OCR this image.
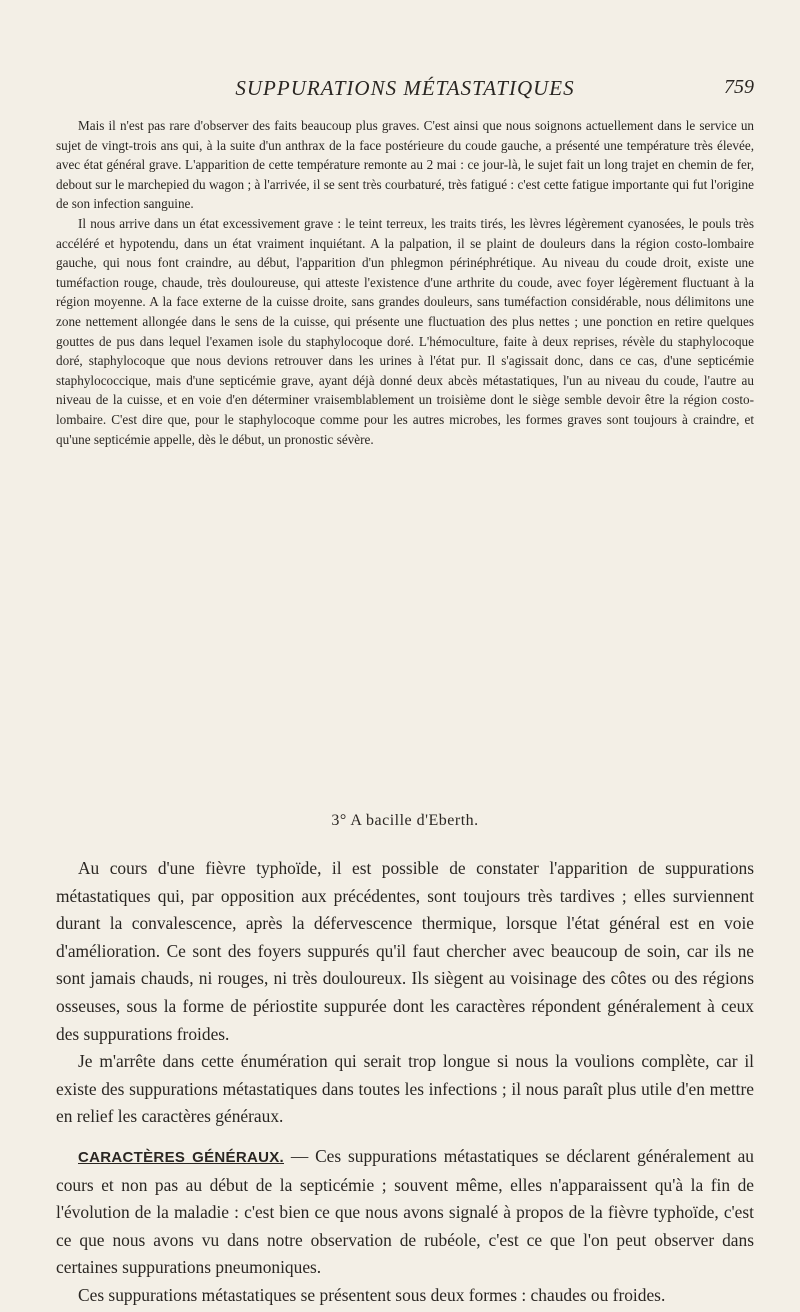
SUPPURATIONS MÉTASTATIQUES	759

Mais il n'est pas rare d'observer des faits beaucoup plus graves. C'est ainsi que nous soignons actuellement dans le service un sujet de vingt-trois ans qui, à la suite d'un anthrax de la face postérieure du coude gauche, a présenté une température très élevée, avec état général grave. L'apparition de cette température remonte au 2 mai : ce jour-là, le sujet fait un long trajet en chemin de fer, debout sur le marchepied du wagon ; à l'arrivée, il se sent très courbaturé, très fatigué : c'est cette fatigue importante qui fut l'origine de son infection sanguine.

Il nous arrive dans un état excessivement grave : le teint terreux, les traits tirés, les lèvres légèrement cyanosées, le pouls très accéléré et hypotendu, dans un état vraiment inquiétant. A la palpation, il se plaint de douleurs dans la région costo-lombaire gauche, qui nous font craindre, au début, l'apparition d'un phlegmon périnéphrétique. Au niveau du coude droit, existe une tuméfaction rouge, chaude, très douloureuse, qui atteste l'existence d'une arthrite du coude, avec foyer légèrement fluctuant à la région moyenne. A la face externe de la cuisse droite, sans grandes douleurs, sans tuméfaction considérable, nous délimitons une zone nettement allongée dans le sens de la cuisse, qui présente une fluctuation des plus nettes ; une ponction en retire quelques gouttes de pus dans lequel l'examen isole du staphylocoque doré. L'hémoculture, faite à deux reprises, révèle du staphylocoque doré, staphylocoque que nous devions retrouver dans les urines à l'état pur. Il s'agissait donc, dans ce cas, d'une septicémie staphylococcique, mais d'une septicémie grave, ayant déjà donné deux abcès métastatiques, l'un au niveau du coude, l'autre au niveau de la cuisse, et en voie d'en déterminer vraisemblablement un troisième dont le siège semble devoir être la région costo-lombaire. C'est dire que, pour le staphylocoque comme pour les autres microbes, les formes graves sont toujours à craindre, et qu'une septicémie appelle, dès le début, un pronostic sévère.

3° A bacille d'Eberth.

Au cours d'une fièvre typhoïde, il est possible de constater l'apparition de suppurations métastatiques qui, par opposition aux précédentes, sont toujours très tardives ; elles surviennent durant la convalescence, après la défervescence thermique, lorsque l'état général est en voie d'amélioration. Ce sont des foyers suppurés qu'il faut chercher avec beaucoup de soin, car ils ne sont jamais chauds, ni rouges, ni très douloureux. Ils siègent au voisinage des côtes ou des régions osseuses, sous la forme de périostite suppurée dont les caractères répondent généralement à ceux des suppurations froides.

Je m'arrête dans cette énumération qui serait trop longue si nous la voulions complète, car il existe des suppurations métastatiques dans toutes les infections ; il nous paraît plus utile d'en mettre en relief les caractères généraux.

CARACTÈRES GÉNÉRAUX. — Ces suppurations métastatiques se déclarent généralement au cours et non pas au début de la septicémie ; souvent même, elles n'apparaissent qu'à la fin de l'évolution de la maladie : c'est bien ce que nous avons signalé à propos de la fièvre typhoïde, c'est ce que nous avons vu dans notre observation de rubéole, c'est ce que l'on peut observer dans certaines suppurations pneumoniques.

Ces suppurations métastatiques se présentent sous deux formes : chaudes ou froides.
